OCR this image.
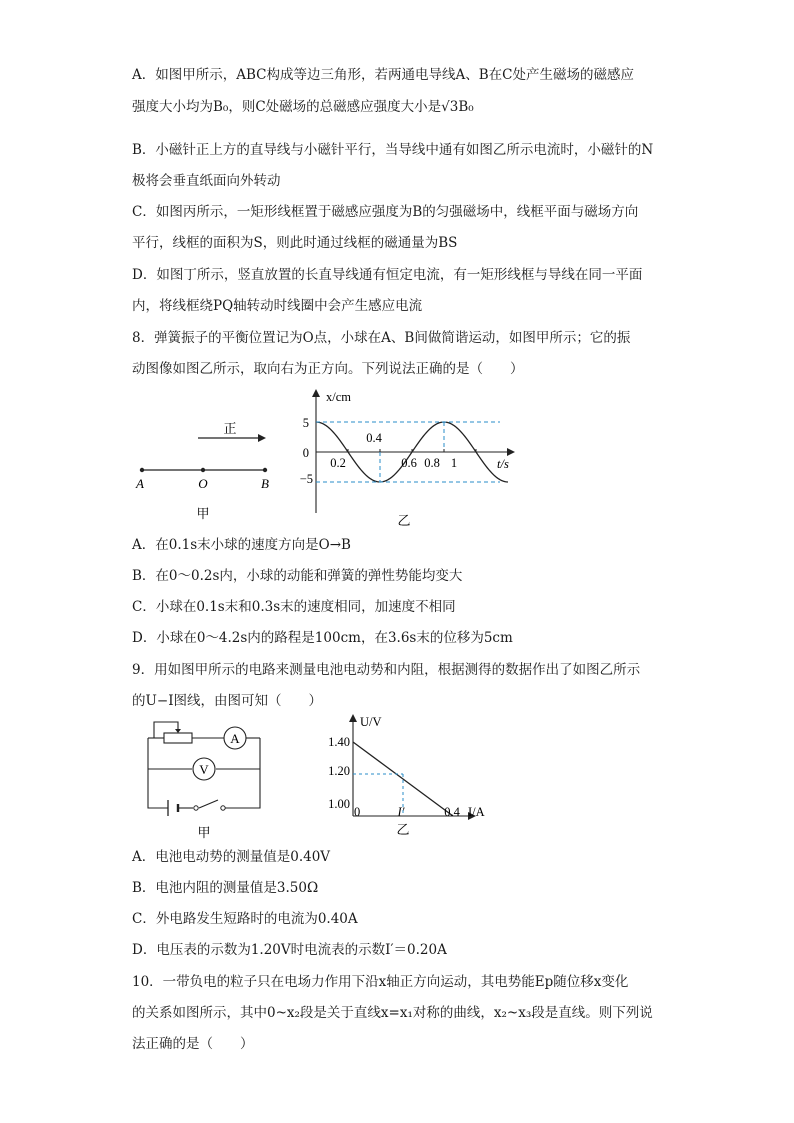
A．如图甲所示，ABC构成等边三角形，若两通电导线A、B在C处产生磁场的磁感应
强度大小均为B₀，则C处磁场的总磁感应强度大小是√3B₀
B．小磁针正上方的直导线与小磁针平行，当导线中通有如图乙所示电流时，小磁针的N
极将会垂直纸面向外转动
C．如图丙所示，一矩形线框置于磁感应强度为B的匀强磁场中，线框平面与磁场方向
平行，线框的面积为S，则此时通过线框的磁通量为BS
D．如图丁所示，竖直放置的长直导线通有恒定电流，有一矩形线框与导线在同一平面
内，将线框绕PQ轴转动时线圈中会产生感应电流
8．弹簧振子的平衡位置记为O点，小球在A、B间做简谐运动，如图甲所示；它的振
动图像如图乙所示，取向右为正方向。下列说法正确的是（　　）
正
A	O	B
甲
x/cm
t/s
5
0
−5
0.2
0.4
0.6 0.8 1
乙
A．在0.1s末小球的速度方向是O→B
B．在0～0.2s内，小球的动能和弹簧的弹性势能均变大
C．小球在0.1s末和0.3s末的速度相同，加速度不相同
D．小球在0～4.2s内的路程是100cm，在3.6s末的位移为5cm
9．用如图甲所示的电路来测量电池电动势和内阻，根据测得的数据作出了如图乙所示
的U−I图线，由图可知（　　）
A
V
甲
U/V
I/A
1.40
1.20
1.00
0	I′	0.4
乙
A．电池电动势的测量值是0.40V
B．电池内阻的测量值是3.50Ω
C．外电路发生短路时的电流为0.40A
D．电压表的示数为1.20V时电流表的示数I′＝0.20A
10．一带负电的粒子只在电场力作用下沿x轴正方向运动，其电势能Ep随位移x变化
的关系如图所示，其中0~x₂段是关于直线x=x₁对称的曲线，x₂~x₃段是直线。则下列说
法正确的是（　　）
